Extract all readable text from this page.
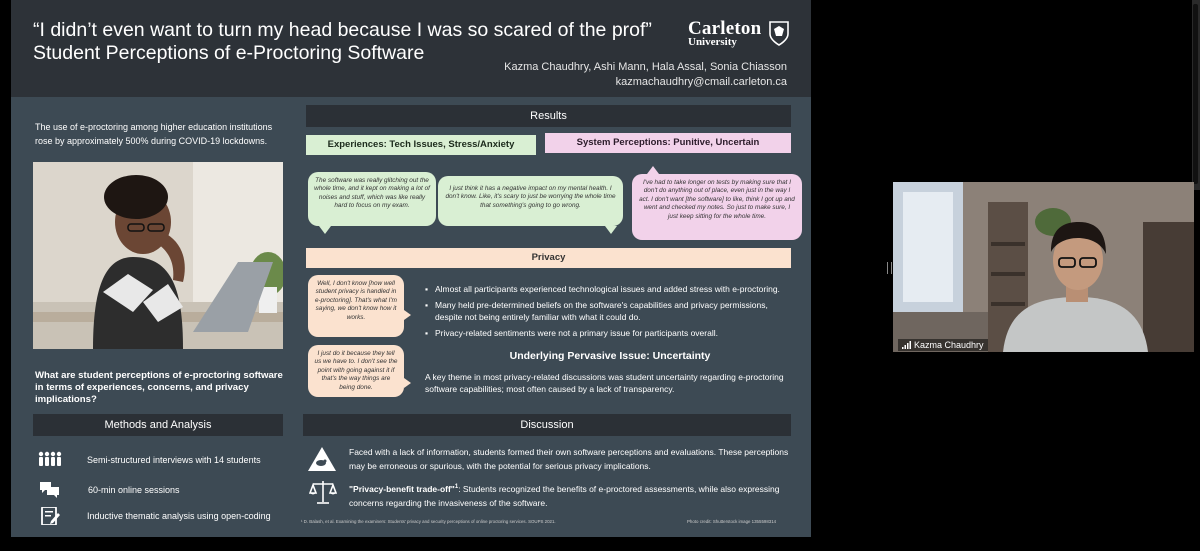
“I didn’t even want to turn my head because I was so scared of the prof”
Student Perceptions of e-Proctoring Software
Carleton
University
Kazma Chaudhry, Ashi Mann, Hala Assal, Sonia Chiasson
kazmachaudhry@cmail.carleton.ca
The use of e-proctoring among higher education institutions rose by approximately 500% during COVID-19 lockdowns.
What are student perceptions of e-proctoring software in terms of experiences, concerns, and privacy implications?
Methods and Analysis
Semi-structured interviews with 14 students
60-min online sessions
Inductive thematic analysis using open-coding
Results
Experiences: Tech Issues, Stress/Anxiety	System Perceptions: Punitive, Uncertain
The software was really glitching out the whole time, and it kept on making a lot of noises and stuff, which was like really hard to focus on my exam.
I just think it has a negative impact on my mental health. I don't know. Like, it's scary to just be worrying the whole time that something's going to go wrong.
I've had to take longer on tests by making sure that I don't do anything out of place, even just in the way I act. I don't want [the software] to like, think I got up and went and checked my notes. So just to make sure, I just keep sitting for the whole time.
Privacy
Well, I don't know [how well student privacy is handled in e-proctoring]. That's what I'm saying, we don't know how it works.
I just do it because they tell us we have to. I don't see the point with going against it if that's the way things are being done.
▪ Almost all participants experienced technological issues and added stress with e-proctoring.
▪ Many held pre-determined beliefs on the software's capabilities and privacy permissions, despite not being entirely familiar with what it could do.
▪ Privacy-related sentiments were not a primary issue for participants overall.
Underlying Pervasive Issue: Uncertainty
A key theme in most privacy-related discussions was student uncertainty regarding e-proctoring software capabilities; most often caused by a lack of transparency.
Discussion
Faced with a lack of information, students formed their own software perceptions and evaluations. These perceptions may be erroneous or spurious, with the potential for serious privacy implications.
"Privacy-benefit trade-off"$^1$: Students recognized the benefits of e-proctored assessments, while also expressing concerns regarding the invasiveness of the software.
¹ D. Balash, et al. Examining the examiners: Students' privacy and security perceptions of online proctoring services. SOUPS 2021.	Photo credit: Shutterstock image 1355598314
Kazma Chaudhry
